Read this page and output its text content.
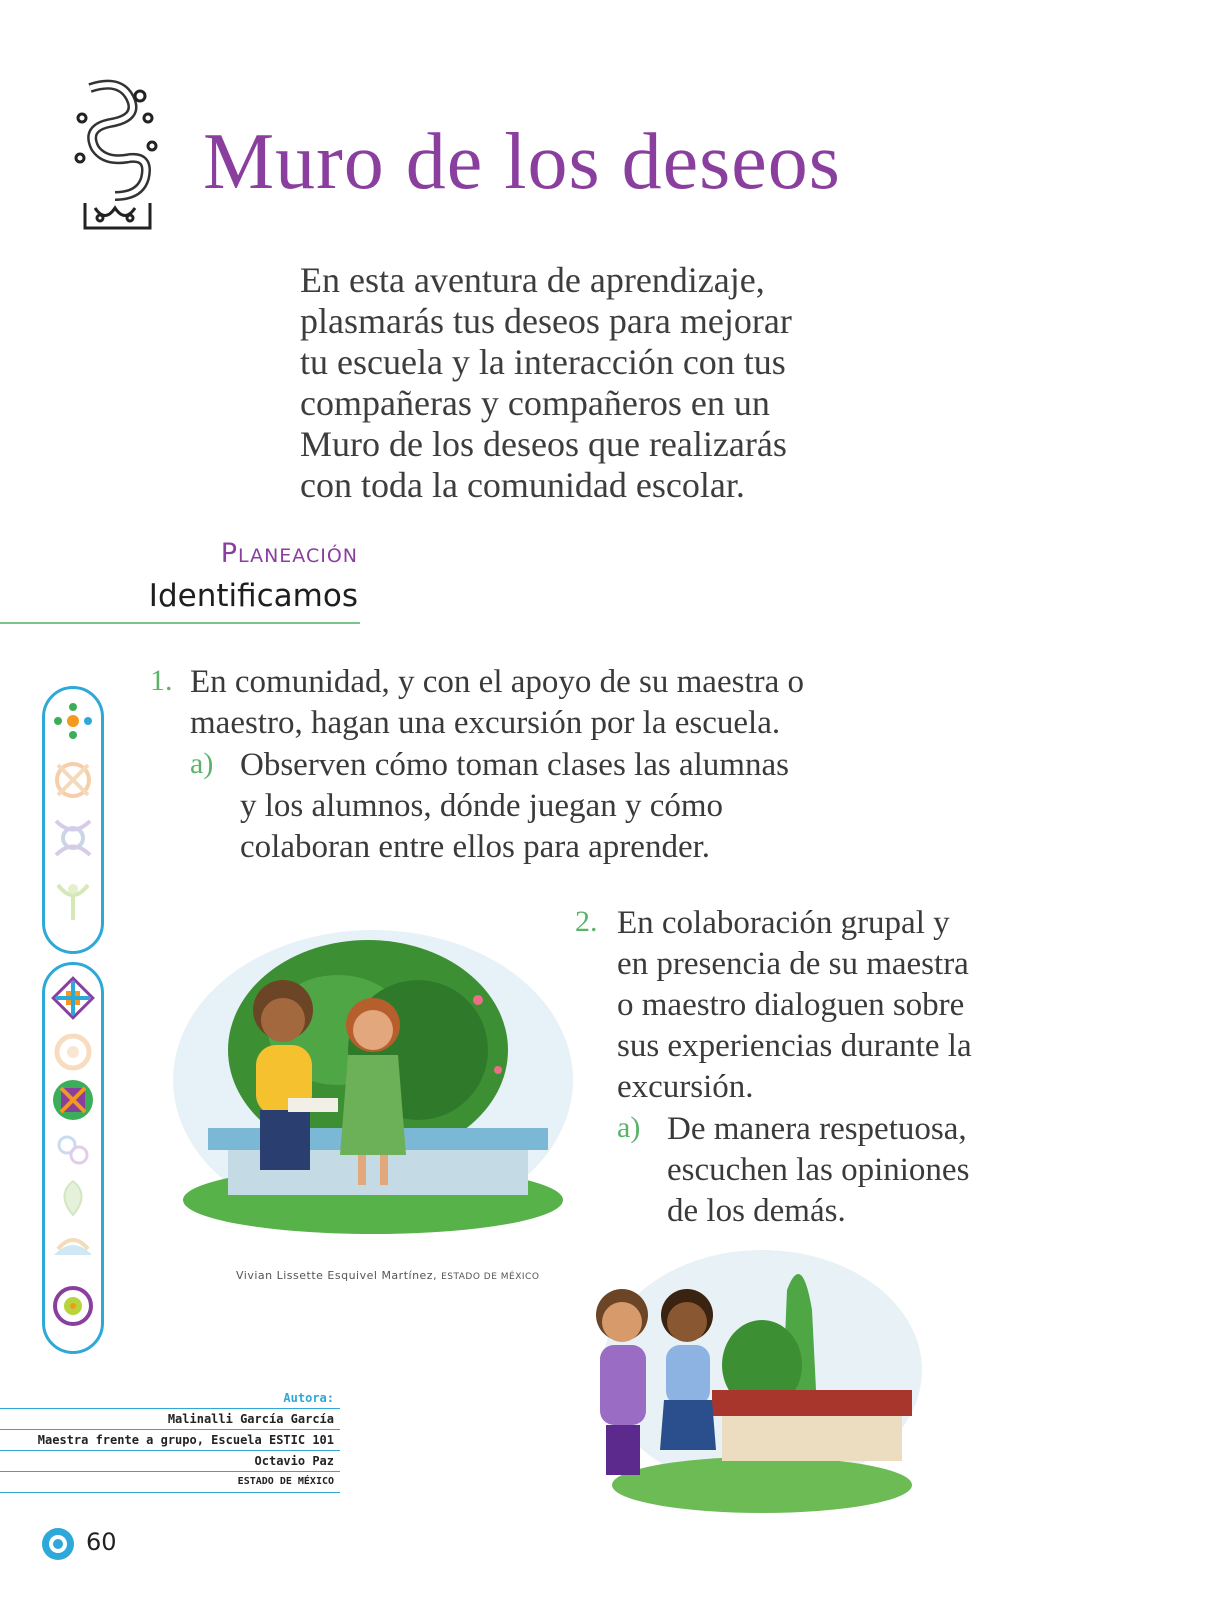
Muro de los deseos
En esta aventura de aprendizaje,
plasmarás tus deseos para mejorar
tu escuela y la interacción con tus
compañeras y compañeros en un
Muro de los deseos que realizarás
con toda la comunidad escolar.
Planeación
Identificamos
1. En comunidad, y con el apoyo de su maestra o
maestro, hagan una excursión por la escuela.
a) Observen cómo toman clases las alumnas
y los alumnos, dónde juegan y cómo
colaboran entre ellos para aprender.
2. En colaboración grupal y
en presencia de su maestra
o maestro dialoguen sobre
sus experiencias durante la
excursión.
a) De manera respetuosa,
escuchen las opiniones
de los demás.
Vivian Lissette Esquivel Martínez, ESTADO DE MÉXICO
Autora:
Malinalli García García
Maestra frente a grupo, Escuela ESTIC 101
Octavio Paz
ESTADO DE MÉXICO
60
